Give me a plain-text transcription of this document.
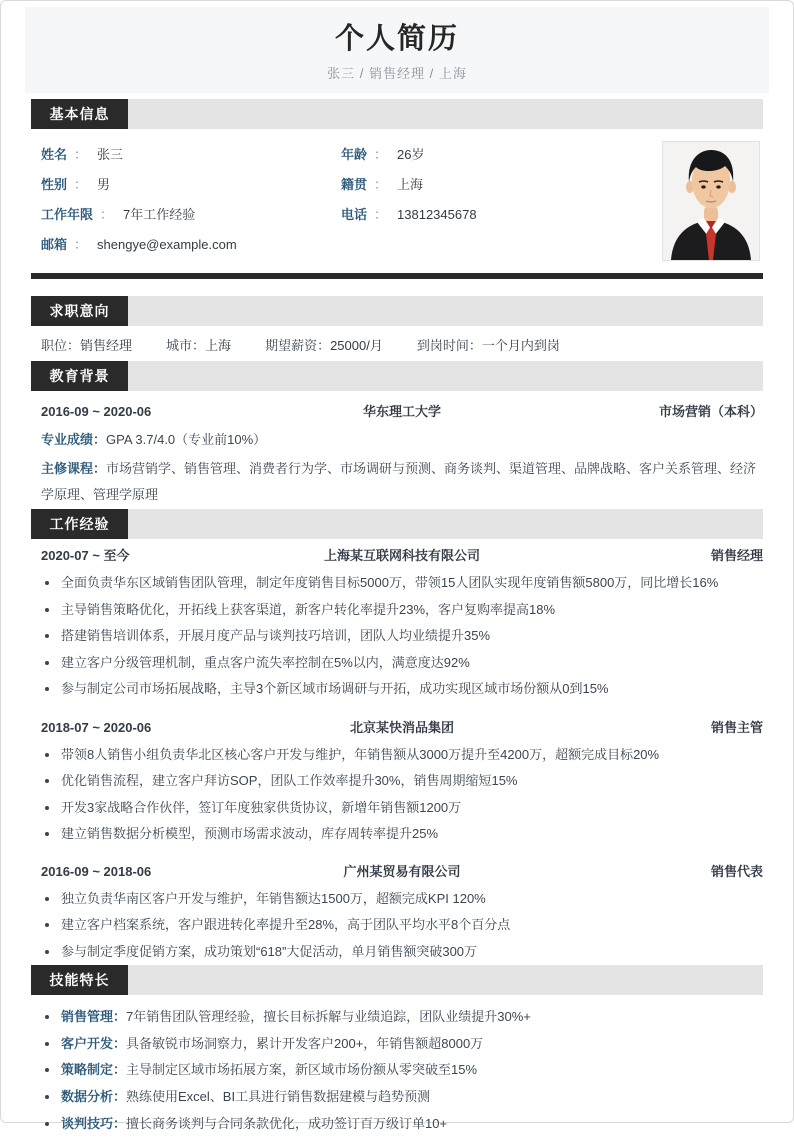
个人简历
张三 / 销售经理 / 上海
基本信息
姓名 ： 张三
性别 ： 男
工作年限 ： 7年工作经验
邮箱 ： shengye@example.com
年龄 ： 26岁
籍贯 ： 上海
电话 ： 13812345678
求职意向
职位：销售经理	城市：上海	期望薪资：25000/月	到岗时间：一个月内到岗
教育背景
2016-09 ~ 2020-06	华东理工大学	市场营销（本科）
专业成绩：GPA 3.7/4.0（专业前10%）
主修课程：市场营销学、销售管理、消费者行为学、市场调研与预测、商务谈判、渠道管理、品牌战略、客户关系管理、经济学原理、管理学原理
工作经验
2020-07 ~ 至今	上海某互联网科技有限公司	销售经理
全面负责华东区域销售团队管理，制定年度销售目标5000万，带领15人团队实现年度销售额5800万，同比增长16%
主导销售策略优化，开拓线上获客渠道，新客户转化率提升23%，客户复购率提高18%
搭建销售培训体系，开展月度产品与谈判技巧培训，团队人均业绩提升35%
建立客户分级管理机制，重点客户流失率控制在5%以内，满意度达92%
参与制定公司市场拓展战略，主导3个新区域市场调研与开拓，成功实现区域市场份额从0到15%
2018-07 ~ 2020-06	北京某快消品集团	销售主管
带领8人销售小组负责华北区核心客户开发与维护，年销售额从3000万提升至4200万，超额完成目标20%
优化销售流程，建立客户拜访SOP，团队工作效率提升30%，销售周期缩短15%
开发3家战略合作伙伴，签订年度独家供货协议，新增年销售额1200万
建立销售数据分析模型，预测市场需求波动，库存周转率提升25%
2016-09 ~ 2018-06	广州某贸易有限公司	销售代表
独立负责华南区客户开发与维护，年销售额达1500万，超额完成KPI 120%
建立客户档案系统，客户跟进转化率提升至28%，高于团队平均水平8个百分点
参与制定季度促销方案，成功策划“618”大促活动，单月销售额突破300万
技能特长
销售管理：7年销售团队管理经验，擅长目标拆解与业绩追踪，团队业绩提升30%+
客户开发：具备敏锐市场洞察力，累计开发客户200+，年销售额超8000万
策略制定：主导制定区域市场拓展方案，新区域市场份额从零突破至15%
数据分析：熟练使用Excel、BI工具进行销售数据建模与趋势预测
谈判技巧：擅长商务谈判与合同条款优化，成功签订百万级订单10+
